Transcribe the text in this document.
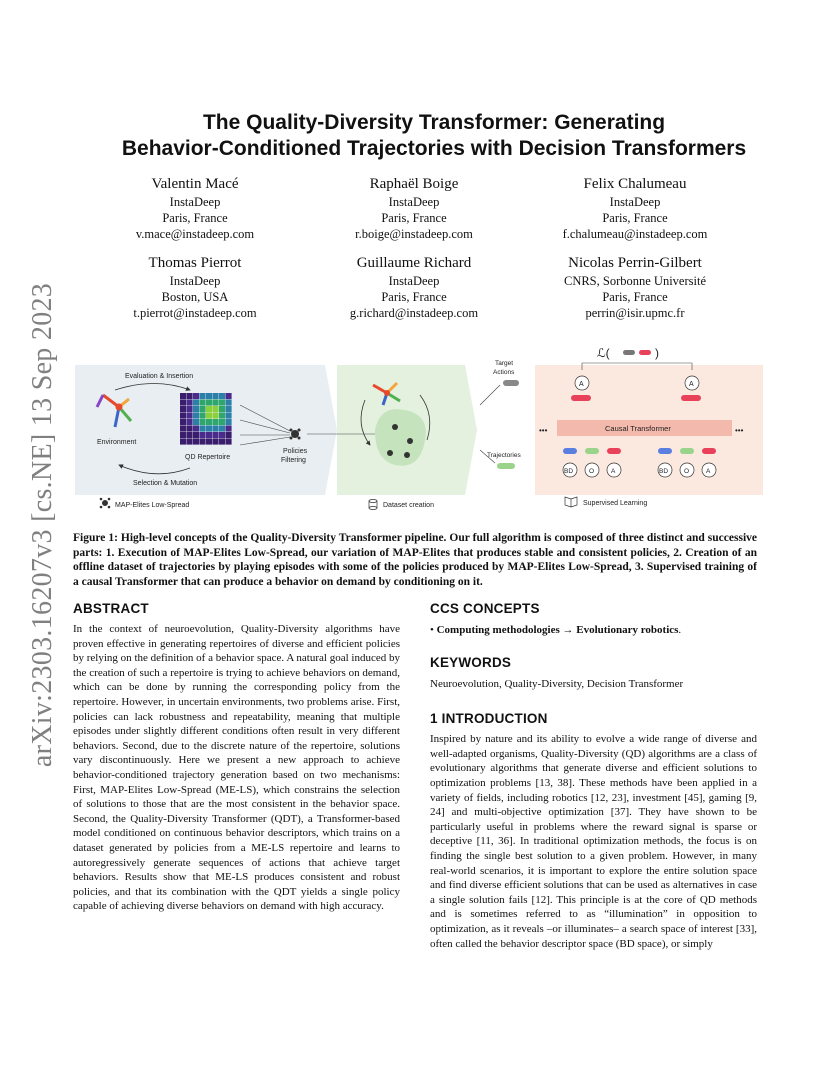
arXiv:2303.16207v3 [cs.NE] 13 Sep 2023
The Quality-Diversity Transformer: Generating
Behavior-Conditioned Trajectories with Decision Transformers
Valentin Macé
InstaDeep
Paris, France
v.mace@instadeep.com
Raphaël Boige
InstaDeep
Paris, France
r.boige@instadeep.com
Felix Chalumeau
InstaDeep
Paris, France
f.chalumeau@instadeep.com
Thomas Pierrot
InstaDeep
Boston, USA
t.pierrot@instadeep.com
Guillaume Richard
InstaDeep
Paris, France
g.richard@instadeep.com
Nicolas Perrin-Gilbert
CNRS, Sorbonne Université
Paris, France
perrin@isir.upmc.fr
Evaluation & Insertion
Environment
QD Repertoire
Selection & Mutation
Policies
Filtering
Dataset creation
Target
Actions
Trajectories
ℒ(	)
A	A
•••	Causal Transformer	•••
BD O	A	BD O	A
Supervised Learning
MAP-Elites Low-Spread
Figure 1: High-level concepts of the Quality-Diversity Transformer pipeline. Our full algorithm is composed of three distinct and successive parts: 1. Execution of MAP-Elites Low-Spread, our variation of MAP-Elites that produces stable and consistent policies, 2. Creation of an offline dataset of trajectories by playing episodes with some of the policies produced by MAP-Elites Low-Spread, 3. Supervised training of a causal Transformer that can produce a behavior on demand by conditioning on it.
ABSTRACT

In the context of neuroevolution, Quality-Diversity algorithms have proven effective in generating repertoires of diverse and efficient policies by relying on the definition of a behavior space. A natural goal induced by the creation of such a repertoire is trying to achieve behaviors on demand, which can be done by running the corresponding policy from the repertoire. However, in uncertain environments, two problems arise. First, policies can lack robustness and repeatability, meaning that multiple episodes under slightly different conditions often result in very different behaviors. Second, due to the discrete nature of the repertoire, solutions vary discontinuously. Here we present a new approach to achieve behavior-conditioned trajectory generation based on two mechanisms: First, MAP-Elites Low-Spread (ME-LS), which constrains the selection of solutions to those that are the most consistent in the behavior space. Second, the Quality-Diversity Transformer (QDT), a Transformer-based model conditioned on continuous behavior descriptors, which trains on a dataset generated by policies from a ME-LS repertoire and learns to autoregressively generate sequences of actions that achieve target behaviors. Results show that ME-LS produces consistent and robust policies, and that its combination with the QDT yields a single policy capable of achieving diverse behaviors on demand with high accuracy.

CCS CONCEPTS
• Computing methodologies → Evolutionary robotics.
KEYWORDS

Neuroevolution, Quality-Diversity, Decision Transformer

1 INTRODUCTION

Inspired by nature and its ability to evolve a wide range of diverse and well-adapted organisms, Quality-Diversity (QD) algorithms are a class of evolutionary algorithms that generate diverse and efficient solutions to optimization problems [13, 38]. These methods have been applied in a variety of fields, including robotics [12, 23], investment [45], gaming [9, 24] and multi-objective optimization [37]. They have shown to be particularly useful in problems where the reward signal is sparse or deceptive [11, 36]. In traditional optimization methods, the focus is on finding the single best solution to a given problem. However, in many real-world scenarios, it is important to explore the entire solution space and find diverse efficient solutions that can be used as alternatives in case a single solution fails [12]. This principle is at the core of QD methods and is sometimes referred to as “illumination” in opposition to optimization, as it reveals –or illuminates– a search space of interest [33], often called the behavior descriptor space (BD space), or simply
